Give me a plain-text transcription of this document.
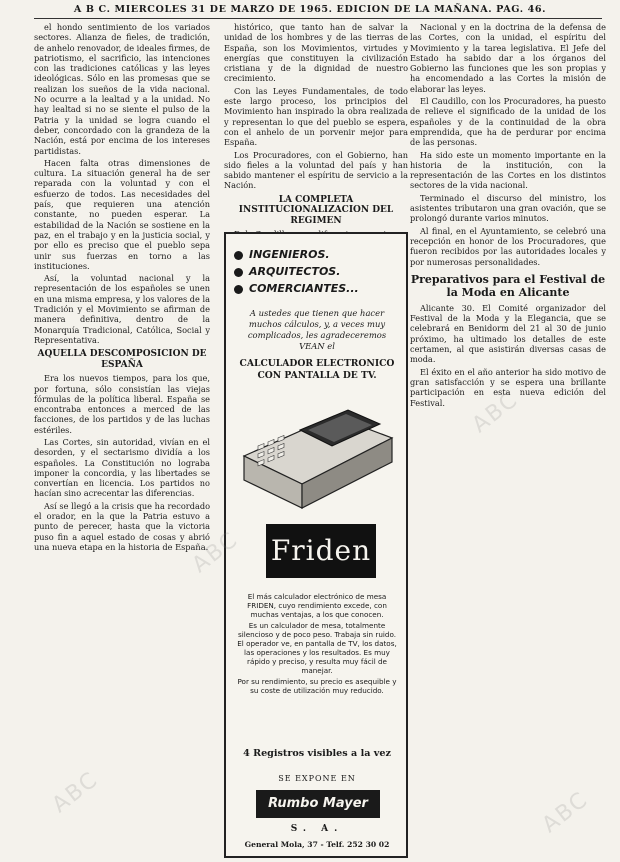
A B C. MIERCOLES 31 DE MARZO DE 1965. EDICION DE LA MAÑANA. PAG. 46.

el hondo sentimiento de los variados sectores. Alianza de fieles, de tradición, de anhelo renovador, de ideales firmes, de patriotismo, el sacrificio, las intenciones con las tradiciones católicas y las leyes ideológicas. Sólo en las promesas que se realizan los sueños de la vida nacional. No ocurre a la lealtad y a la unidad. No hay lealtad si no se siente el pulso de la Patria y la unidad se logra cuando el deber, concordado con la grandeza de la Nación, está por encima de los intereses partidistas.

Hacen falta otras dimensiones de cultura. La situación general ha de ser reparada con la voluntad y con el esfuerzo de todos. Las necesidades del país, que requieren una atención constante, no pueden esperar. La estabilidad de la Nación se sostiene en la paz, en el trabajo y en la justicia social, y por ello es preciso que el pueblo sepa unir sus fuerzas en torno a las instituciones.

Así, la voluntad nacional y la representación de los españoles se unen en una misma empresa, y los valores de la Tradición y el Movimiento se afirman de manera definitiva, dentro de la Monarquía Tradicional, Católica, Social y Representativa.

AQUELLA DESCOMPOSICION DE ESPAÑA

Era los nuevos tiempos, para los que, por fortuna, sólo consistían las viejas fórmulas de la política liberal. España se encontraba entonces a merced de las facciones, de los partidos y de las luchas estériles.

Las Cortes, sin autoridad, vivían en el desorden, y el sectarismo dividía a los españoles. La Constitución no lograba imponer la concordia, y las libertades se convertían en licencia. Los partidos no hacían sino acrecentar las diferencias.

Así se llegó a la crisis que ha recordado el orador, en la que la Patria estuvo a punto de perecer, hasta que la victoria puso fin a aquel estado de cosas y abrió una nueva etapa en la historia de España.

histórico, que tanto han de salvar la unidad de los hombres y de las tierras de España, son los Movimientos, virtudes y energías que constituyen la civilización cristiana y de la dignidad de nuestro crecimiento.

Con las Leyes Fundamentales, de todo este largo proceso, los principios del Movimiento han inspirado la obra realizada y representan lo que del pueblo se espera, con el anhelo de un porvenir mejor para España.

Los Procuradores, con el Gobierno, han sido fieles a la voluntad del país y han sabido mantener el espíritu de servicio a la Nación.

LA COMPLETA INSTITUCIONALIZACION DEL REGIMEN

INGENIEROS.
ARQUITECTOS.
COMERCIANTES...
A ustedes que tienen que hacer muchos cálculos, y, a veces muy complicados, les agradeceremos VEAN el
CALCULADOR ELECTRONICO CON PANTALLA DE TV.
Friden

El más calculador electrónico de mesa FRIDEN, cuyo rendimiento excede, con muchas ventajas, a los que conocen.

Es un calculador de mesa, totalmente silencioso y de poco peso. Trabaja sin ruido. El operador ve, en pantalla de TV, los datos, las operaciones y los resultados. Es muy rápido y preciso, y resulta muy fácil de manejar.

Por su rendimiento, su precio es asequible y su coste de utilización muy reducido.

4 Registros visibles a la vez
SE EXPONE EN
Rumbo Mayer
S. A.
General Mola, 37 - Telf. 252 30 02

Nacional y en la doctrina de la defensa de las Cortes, con la unidad, el espíritu del Movimiento y la tarea legislativa. El Jefe del Estado ha sabido dar a los órganos del Gobierno las funciones que les son propias y ha encomendado a las Cortes la misión de elaborar las leyes.

El Caudillo, con los Procuradores, ha puesto de relieve el significado de la unidad de los españoles y de la continuidad de la obra emprendida, que ha de perdurar por encima de las personas.

Ha sido este un momento importante en la historia de la institución, con la representación de las Cortes en los distintos sectores de la vida nacional.

Terminado el discurso del ministro, los asistentes tributaron una gran ovación, que se prolongó durante varios minutos.

Al final, en el Ayuntamiento, se celebró una recepción en honor de los Procuradores, que fueron recibidos por las autoridades locales y por numerosas personalidades.

Preparativos para el Festival de la Moda en Alicante

Alicante 30. El Comité organizador del Festival de la Moda y la Elegancia, que se celebrará en Benidorm del 21 al 30 de junio próximo, ha ultimado los detalles de este certamen, al que asistirán diversas casas de moda.

El éxito en el año anterior ha sido motivo de gran satisfacción y se espera una brillante participación en esta nueva edición del Festival.

ABC
ABC
ABC	ABC
